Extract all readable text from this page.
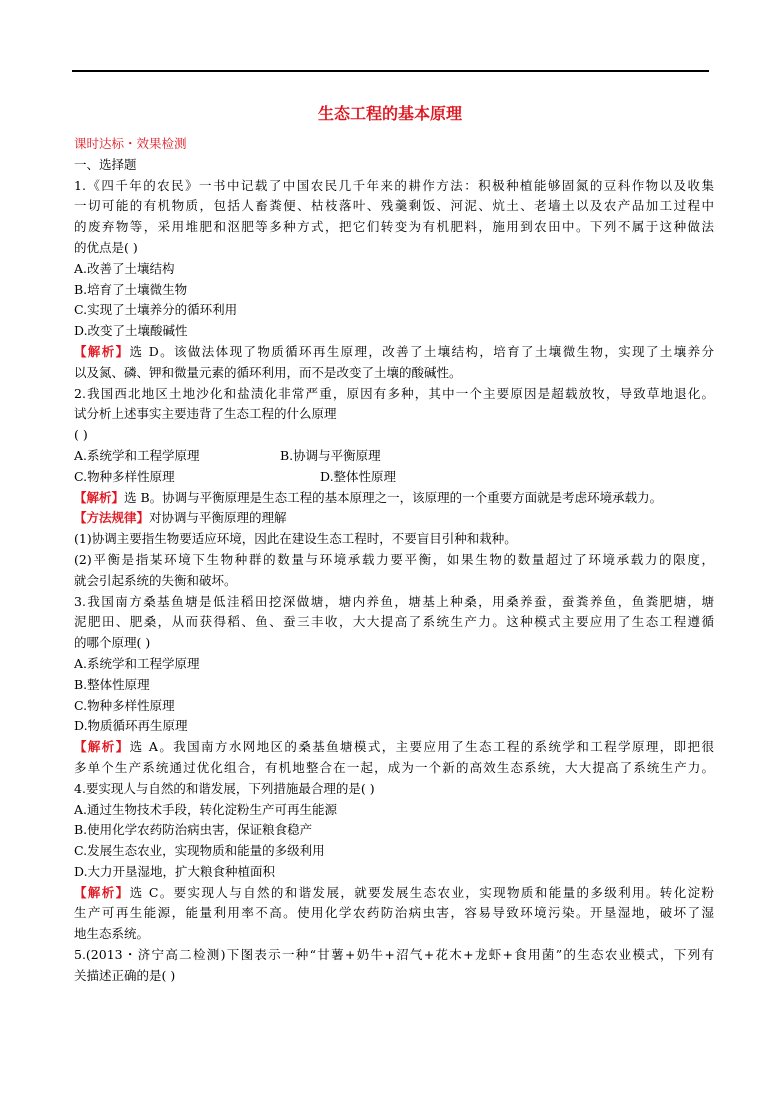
生态工程的基本原理
课时达标・效果检测
一、选择题
1.《四千年的农民》一书中记载了中国农民几千年来的耕作方法：积极种植能够固氮的豆科作物以及收集
一切可能的有机物质，包括人畜粪便、枯枝落叶、残羹剩饭、河泥、炕土、老墙土以及农产品加工过程中
的废弃物等，采用堆肥和沤肥等多种方式，把它们转变为有机肥料，施用到农田中。下列不属于这种做法
的优点是( )
A.改善了土壤结构
B.培育了土壤微生物
C.实现了土壤养分的循环利用
D.改变了土壤酸碱性
【解析】选 D。该做法体现了物质循环再生原理，改善了土壤结构，培育了土壤微生物，实现了土壤养分
以及氮、磷、钾和微量元素的循环利用，而不是改变了土壤的酸碱性。
2.我国西北地区土地沙化和盐渍化非常严重，原因有多种，其中一个主要原因是超载放牧，导致草地退化。
试分析上述事实主要违背了生态工程的什么原理
( )
A.系统学和工程学原理	B.协调与平衡原理
C.物种多样性原理	D.整体性原理
【解析】选 B。协调与平衡原理是生态工程的基本原理之一，该原理的一个重要方面就是考虑环境承载力。
【方法规律】对协调与平衡原理的理解
(1)协调主要指生物要适应环境，因此在建设生态工程时，不要盲目引种和栽种。
(2)平衡是指某环境下生物种群的数量与环境承载力要平衡，如果生物的数量超过了环境承载力的限度，
就会引起系统的失衡和破坏。
3.我国南方桑基鱼塘是低洼稻田挖深做塘，塘内养鱼，塘基上种桑，用桑养蚕，蚕粪养鱼，鱼粪肥塘，塘
泥肥田、肥桑，从而获得稻、鱼、蚕三丰收，大大提高了系统生产力。这种模式主要应用了生态工程遵循
的哪个原理( )
A.系统学和工程学原理
B.整体性原理
C.物种多样性原理
D.物质循环再生原理
【解析】选 A。我国南方水网地区的桑基鱼塘模式，主要应用了生态工程的系统学和工程学原理，即把很
多单个生产系统通过优化组合，有机地整合在一起，成为一个新的高效生态系统，大大提高了系统生产力。
4.要实现人与自然的和谐发展，下列措施最合理的是( )
A.通过生物技术手段，转化淀粉生产可再生能源
B.使用化学农药防治病虫害，保证粮食稳产
C.发展生态农业，实现物质和能量的多级利用
D.大力开垦湿地，扩大粮食种植面积
【解析】选 C。要实现人与自然的和谐发展，就要发展生态农业，实现物质和能量的多级利用。转化淀粉
生产可再生能源，能量利用率不高。使用化学农药防治病虫害，容易导致环境污染。开垦湿地，破坏了湿
地生态系统。
5.(2013・济宁高二检测)下图表示一种“甘薯+奶牛+沼气+花木+龙虾+食用菌”的生态农业模式，下列有
关描述正确的是( )
